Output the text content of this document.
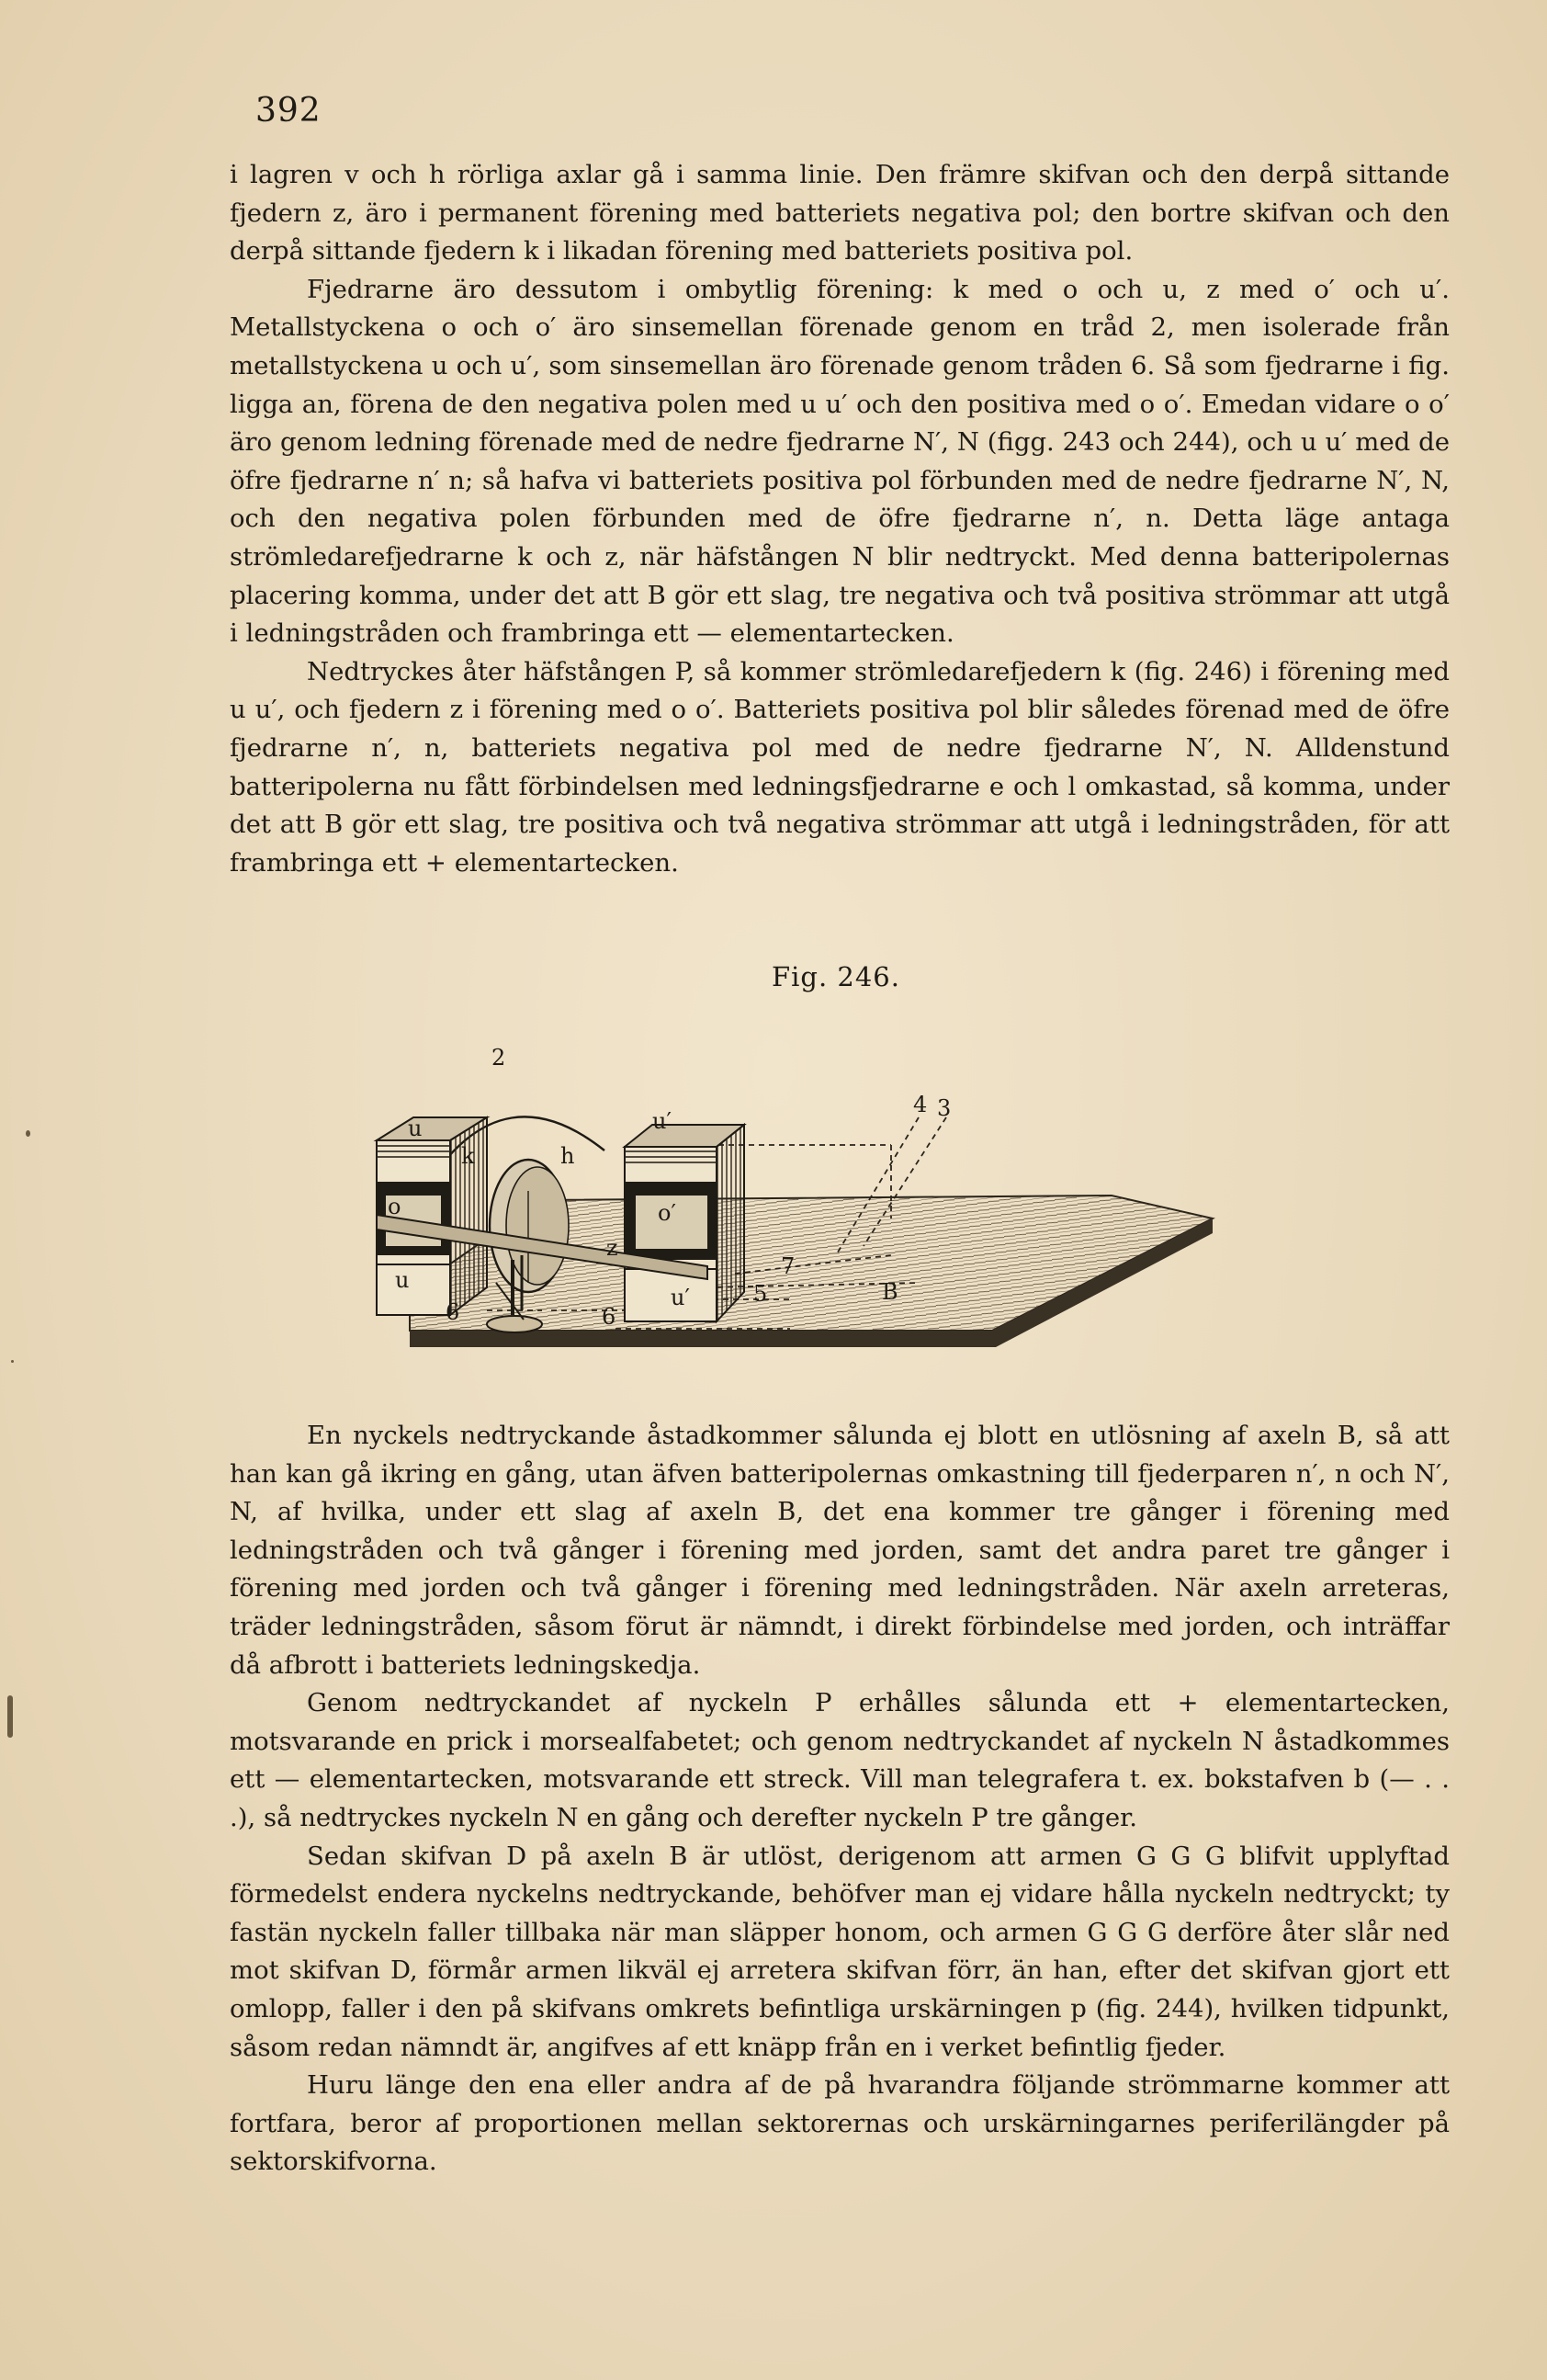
392

i lagren v och h rörliga axlar gå i samma linie. Den främre skifvan och den derpå sittande fjedern z, äro i permanent förening med batteriets negativa pol; den bortre skifvan och den derpå sittande fjedern k i likadan förening med batteriets positiva pol.

Fjedrarne äro dessutom i ombytlig förening: k med o och u, z med o′ och u′. Metallstyckena o och o′ äro sinsemellan förenade genom en tråd 2, men isolerade från metallstyckena u och u′, som sinsemellan äro förenade genom tråden 6. Så som fjedrarne i fig. ligga an, förena de den negativa polen med u u′ och den positiva med o o′. Emedan vidare o o′ äro genom ledning förenade med de nedre fjedrarne N′, N (figg. 243 och 244), och u u′ med de öfre fjedrarne n′ n; så hafva vi batteriets positiva pol förbunden med de nedre fjedrarne N′, N, och den negativa polen förbunden med de öfre fjedrarne n′, n. Detta läge antaga strömledarefjedrarne k och z, när häfstången N blir nedtryckt. Med denna batteripolernas placering komma, under det att B gör ett slag, tre negativa och två positiva strömmar att utgå i ledningstråden och frambringa ett — elementartecken.

Nedtryckes åter häfstången P, så kommer strömledarefjedern k (fig. 246) i förening med u u′, och fjedern z i förening med o o′. Batteriets positiva pol blir således förenad med de öfre fjedrarne n′, n, batteriets negativa pol med de nedre fjedrarne N′, N. Alldenstund batteripolerna nu fått förbindelsen med ledningsfjedrarne e och l omkastad, så komma, under det att B gör ett slag, tre positiva och två negativa strömmar att utgå i ledningstråden, för att frambringa ett + elementartecken.

Fig. 246.
2
u
o
u
u′
o′
u′
k	h
z
6	6
5
7
B
4 3

En nyckels nedtryckande åstadkommer sålunda ej blott en utlösning af axeln B, så att han kan gå ikring en gång, utan äfven batteripolernas omkastning till fjederparen n′, n och N′, N, af hvilka, under ett slag af axeln B, det ena kommer tre gånger i förening med ledningstråden och två gånger i förening med jorden, samt det andra paret tre gånger i förening med jorden och två gånger i förening med ledningstråden. När axeln arreteras, träder ledningstråden, såsom förut är nämndt, i direkt förbindelse med jorden, och inträffar då afbrott i batteriets ledningskedja.

Genom nedtryckandet af nyckeln P erhålles sålunda ett + elementartecken, motsvarande en prick i morsealfabetet; och genom nedtryckandet af nyckeln N åstadkommes ett — elementartecken, motsvarande ett streck. Vill man telegrafera t. ex. bokstafven b (— . . .), så nedtryckes nyckeln N en gång och derefter nyckeln P tre gånger.

Sedan skifvan D på axeln B är utlöst, derigenom att armen G G G blifvit upplyftad förmedelst endera nyckelns nedtryckande, behöfver man ej vidare hålla nyckeln nedtryckt; ty fastän nyckeln faller tillbaka när man släpper honom, och armen G G G derföre åter slår ned mot skifvan D, förmår armen likväl ej arretera skifvan förr, än han, efter det skifvan gjort ett omlopp, faller i den på skifvans omkrets befintliga urskärningen p (fig. 244), hvilken tidpunkt, såsom redan nämndt är, angifves af ett knäpp från en i verket befintlig fjeder.

Huru länge den ena eller andra af de på hvarandra följande strömmarne kommer att fortfara, beror af proportionen mellan sektorernas och urskärningarnes periferilängder på sektorskifvorna.
